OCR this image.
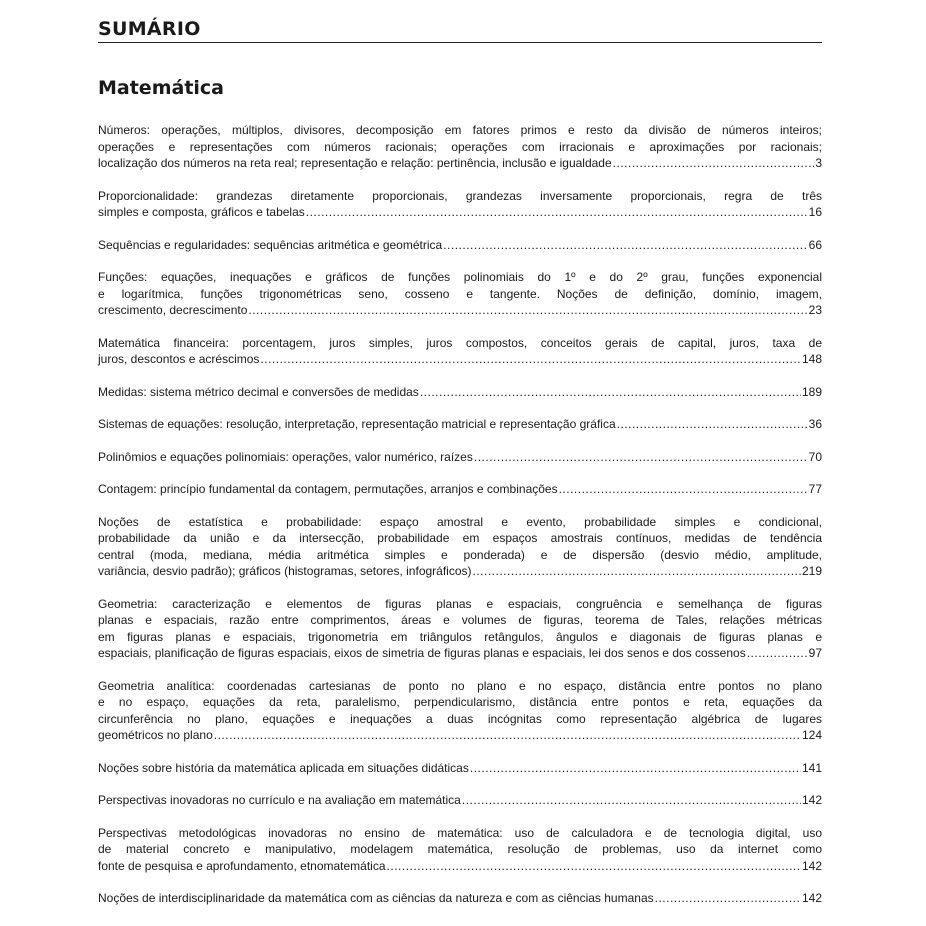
SUMÁRIO
Matemática
Números: operações, múltiplos, divisores, decomposição em fatores primos e resto da divisão de números inteiros;
operações e representações com números racionais; operações com irracionais e aproximações por racionais;
localização dos números na reta real; representação e relação: pertinência, inclusão e igualdade .....	3
Proporcionalidade: grandezas diretamente proporcionais, grandezas inversamente proporcionais, regra de três
simples e composta, gráficos e tabelas .....	16
Sequências e regularidades: sequências aritmética e geométrica .....	66
Funções: equações, inequações e gráficos de funções polinomiais do 1º e do 2º grau, funções exponencial
e logarítmica, funções trigonométricas seno, cosseno e tangente. Noções de definição, domínio, imagem,
crescimento, decrescimento .....	23
Matemática financeira: porcentagem, juros simples, juros compostos, conceitos gerais de capital, juros, taxa de
juros, descontos e acréscimos .....	148
Medidas: sistema métrico decimal e conversões de medidas .....	189
Sistemas de equações: resolução, interpretação, representação matricial e representação gráfica .....	36
Polinômios e equações polinomiais: operações, valor numérico, raízes .....	70
Contagem: princípio fundamental da contagem, permutações, arranjos e combinações .....	77
Noções de estatística e probabilidade: espaço amostral e evento, probabilidade simples e condicional,
probabilidade da união e da intersecção, probabilidade em espaços amostrais contínuos, medidas de tendência
central (moda, mediana, média aritmética simples e ponderada) e de dispersão (desvio médio, amplitude,
variância, desvio padrão); gráficos (histogramas, setores, infográficos) .....	219
Geometria: caracterização e elementos de figuras planas e espaciais, congruência e semelhança de figuras
planas e espaciais, razão entre comprimentos, áreas e volumes de figuras, teorema de Tales, relações métricas
em figuras planas e espaciais, trigonometria em triângulos retângulos, ângulos e diagonais de figuras planas e
espaciais, planificação de figuras espaciais, eixos de simetria de figuras planas e espaciais, lei dos senos e dos cossenos .....	97
Geometria analítica: coordenadas cartesianas de ponto no plano e no espaço, distância entre pontos no plano
e no espaço, equações da reta, paralelismo, perpendicularismo, distância entre pontos e reta, equações da
circunferência no plano, equações e inequações a duas incógnitas como representação algébrica de lugares
geométricos no plano .....	124
Noções sobre história da matemática aplicada em situações didáticas .....	141
Perspectivas inovadoras no currículo e na avaliação em matemática .....	142
Perspectivas metodológicas inovadoras no ensino de matemática: uso de calculadora e de tecnologia digital, uso
de material concreto e manipulativo, modelagem matemática, resolução de problemas, uso da internet como
fonte de pesquisa e aprofundamento, etnomatemática .....	142
Noções de interdisciplinaridade da matemática com as ciências da natureza e com as ciências humanas .....	142
